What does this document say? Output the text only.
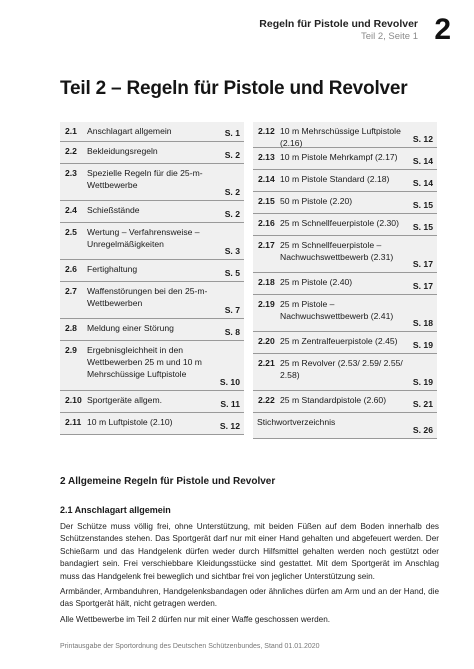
Regeln für Pistole und Revolver
Teil 2, Seite 1 2
Teil 2 – Regeln für Pistole und Revolver
2.1 Anschlagart allgemein	S. 1
2.2 Bekleidungsregeln	S. 2
2.3 Spezielle Regeln für die 25-m-Wettbewerbe
S. 2
2.4 Schießstände	S. 2
2.5 Wertung – Verfahrensweise – Unregelmäßigkeiten
S. 3
2.6 Fertighaltung	S. 5
2.7 Waffenstörungen bei den 25-m-Wettbewerben
S. 7
2.8 Meldung einer Störung	S. 8
2.9 Ergebnisgleichheit in den Wettbewerben 25 m und 10 m Mehrschüssige Luftpistole
S. 10
2.10 Sportgeräte allgem.	S. 11
2.11 10 m Luftpistole (2.10)	S. 12
2.12 10 m Mehrschüssige Luftpistole (2.16)	S. 12
2.13 10 m Pistole Mehrkampf (2.17)	S. 14
2.14 10 m Pistole Standard (2.18)	S. 14
2.15 50 m Pistole (2.20)	S. 15
2.16 25 m Schnellfeuerpistole (2.30)	S. 15
2.17 25 m Schnellfeuerpistole – Nachwuchswettbewerb (2.31)
S. 17
2.18 25 m Pistole (2.40)	S. 17
2.19 25 m Pistole – Nachwuchswettbewerb (2.41)
S. 18
2.20 25 m Zentralfeuerpistole (2.45)	S. 19
2.21 25 m Revolver (2.53/ 2.59/ 2.55/ 2.58)
S. 19
2.22 25 m Standardpistole (2.60)	S. 21
Stichwortverzeichnis
S. 26
2 Allgemeine Regeln für Pistole und Revolver
2.1 Anschlagart allgemein

Der Schütze muss völlig frei, ohne Unterstützung, mit beiden Füßen auf dem Boden innerhalb des Schützenstandes stehen. Das Sportgerät darf nur mit einer Hand gehalten und abgefeuert werden. Der Schießarm und das Handgelenk dürfen weder durch Hilfsmittel gehalten werden noch gestützt oder bandagiert sein. Frei verschiebbare Kleidungsstücke sind gestattet. Mit dem Sportgerät im Anschlag muss das Handgelenk frei beweglich und sichtbar frei von jeglicher Unterstützung sein.

Armbänder, Armbanduhren, Handgelenksbandagen oder ähnliches dürfen am Arm und an der Hand, die das Sportgerät hält, nicht getragen werden.

Alle Wettbewerbe im Teil 2 dürfen nur mit einer Waffe geschossen werden.

Printausgabe der Sportordnung des Deutschen Schützenbundes, Stand 01.01.2020
